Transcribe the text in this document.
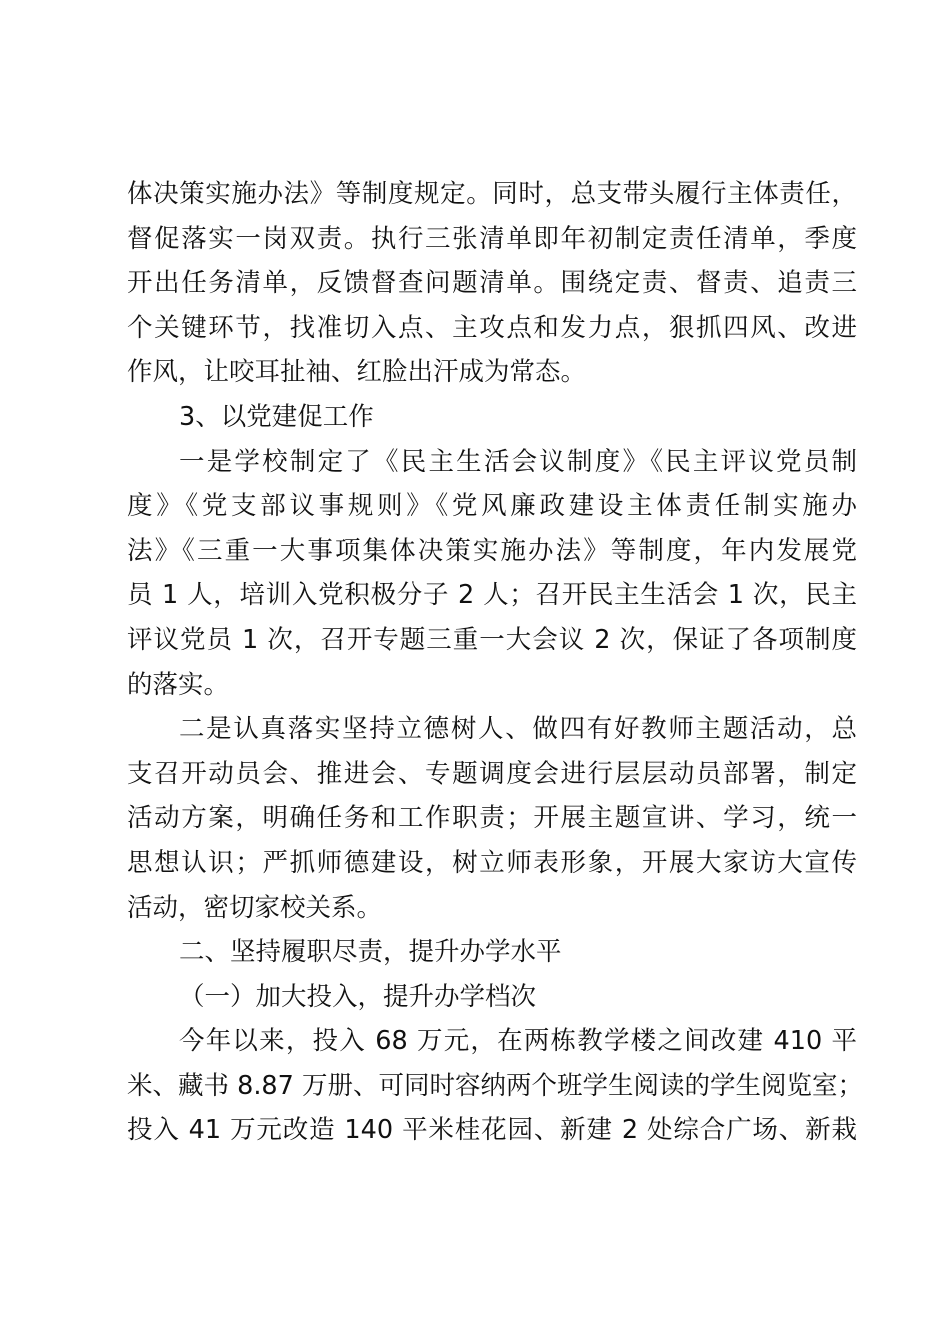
体决策实施办法》等制度规定。同时，总支带头履行主体责任，
督促落实一岗双责。执行三张清单即年初制定责任清单，季度
开出任务清单，反馈督查问题清单。围绕定责、督责、追责三
个关键环节，找准切入点、主攻点和发力点，狠抓四风、改进
作风，让咬耳扯袖、红脸出汗成为常态。
3、以党建促工作
一是学校制定了《民主生活会议制度》《民主评议党员制
度》《党支部议事规则》《党风廉政建设主体责任制实施办
法》《三重一大事项集体决策实施办法》等制度，年内发展党
员 1 人，培训入党积极分子 2 人；召开民主生活会 1 次，民主
评议党员 1 次，召开专题三重一大会议 2 次，保证了各项制度
的落实。
二是认真落实坚持立德树人、做四有好教师主题活动，总
支召开动员会、推进会、专题调度会进行层层动员部署，制定
活动方案，明确任务和工作职责；开展主题宣讲、学习，统一
思想认识；严抓师德建设，树立师表形象，开展大家访大宣传
活动，密切家校关系。
二、坚持履职尽责，提升办学水平
（一）加大投入，提升办学档次
今年以来，投入 68 万元，在两栋教学楼之间改建 410 平
米、藏书 8.87 万册、可同时容纳两个班学生阅读的学生阅览室；
投入 41 万元改造 140 平米桂花园、新建 2 处综合广场、新栽
